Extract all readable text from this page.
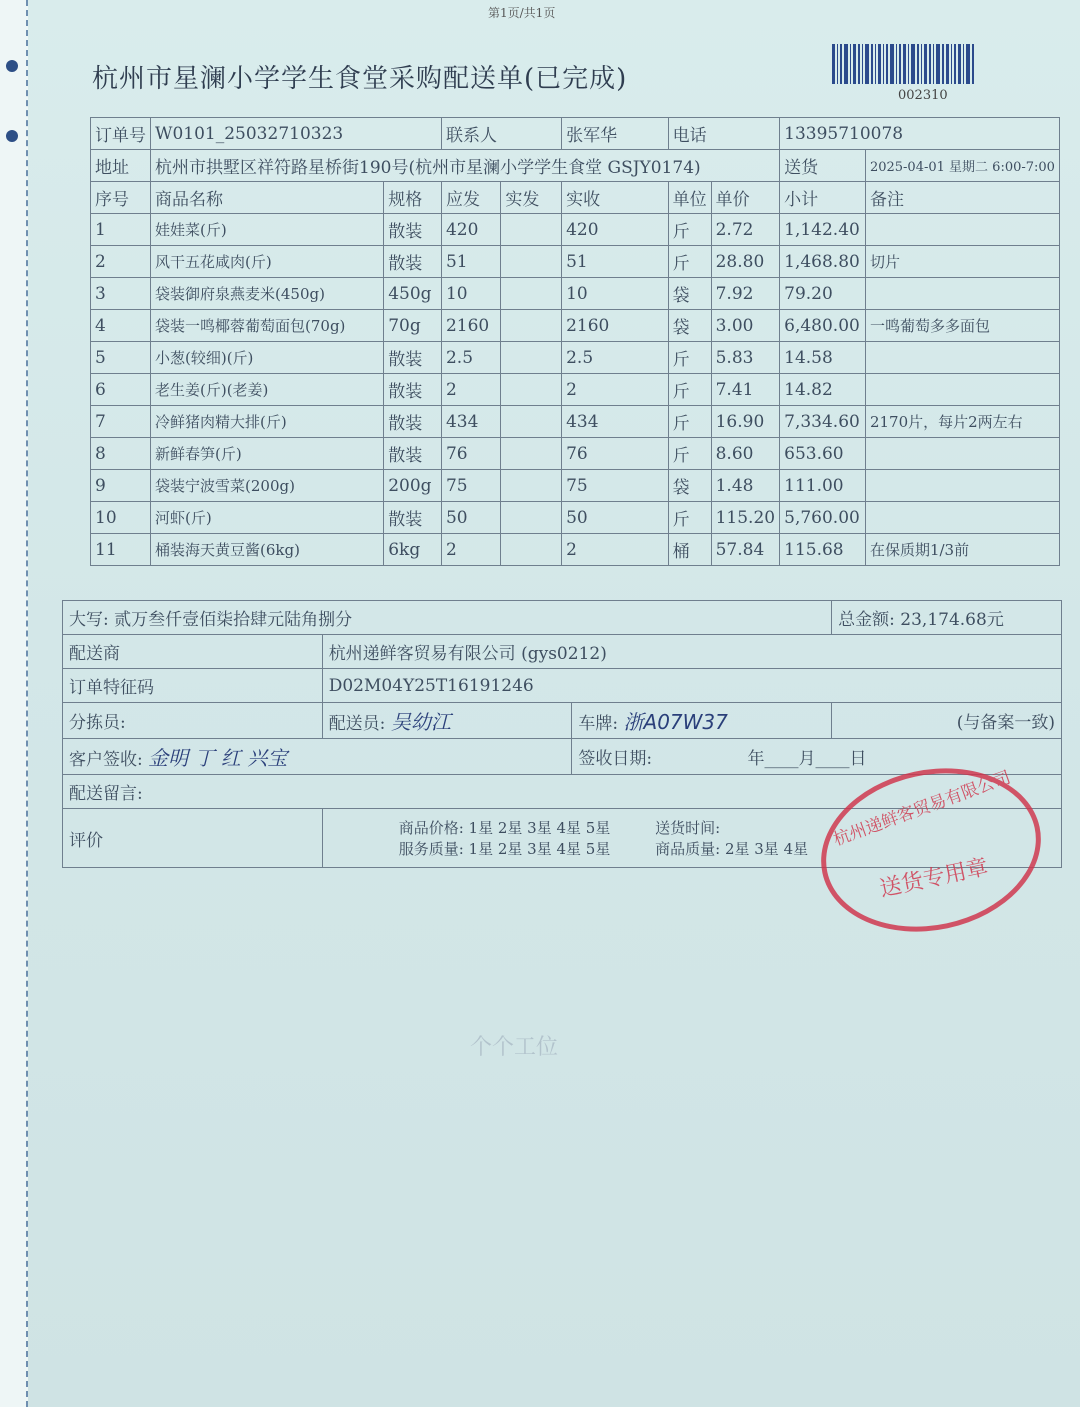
第1页/共1页
杭州市星澜小学学生食堂采购配送单(已完成)
002310
订单号	W0101_25032710323		联系人		张军华	电话		13395710078	
地址	杭州市拱墅区祥符路星桥街190号(杭州市星澜小学学生食堂 GSJY0174)							送货	2025-04-01 星期二 6:00-7:00
序号	商品名称	规格	应发	实发	实收	单位	单价	小计	备注
1	娃娃菜(斤)	散装	420		420	斤	2.72	1,142.40	
2	风干五花咸肉(斤)	散装	51		51	斤	28.80	1,468.80	切片
3	袋装御府泉燕麦米(450g)	450g	10		10	袋	7.92	79.20	
4	袋装一鸣椰蓉葡萄面包(70g)	70g	2160		2160	袋	3.00	6,480.00	一鸣葡萄多多面包
5	小葱(较细)(斤)	散装	2.5		2.5	斤	5.83	14.58	
6	老生姜(斤)(老姜)	散装	2		2	斤	7.41	14.82	
7	冷鲜猪肉精大排(斤)	散装	434		434	斤	16.90	7,334.60	2170片，每片2两左右
8	新鲜春笋(斤)	散装	76		76	斤	8.60	653.60	
9	袋装宁波雪菜(200g)	200g	75		75	袋	1.48	111.00	
10	河虾(斤)	散装	50		50	斤	115.20	5,760.00	
11	桶装海天黄豆酱(6kg)	6kg	2		2	桶	57.84	115.68	在保质期1/3前
大写: 贰万叁仟壹佰柒拾肆元陆角捌分			总金额: 23,174.68元
配送商	杭州递鲜客贸易有限公司 (gys0212)		
订单特征码	D02M04Y25T16191246		
分拣员:	配送员: 吴幼江	车牌: 浙A07W37	(与备案一致)
客户签收: 金明 丁 红 兴宝		签收日期: 年____月____日	
配送留言:			
评价	商品价格: 1星 2星 3星 4星 5星 送货时间:
服务质量: 1星 2星 3星 4星 5星 商品质量: 2星 3星 4星			杭州递鲜客贸易有限公司
送货专用章
个个工位
